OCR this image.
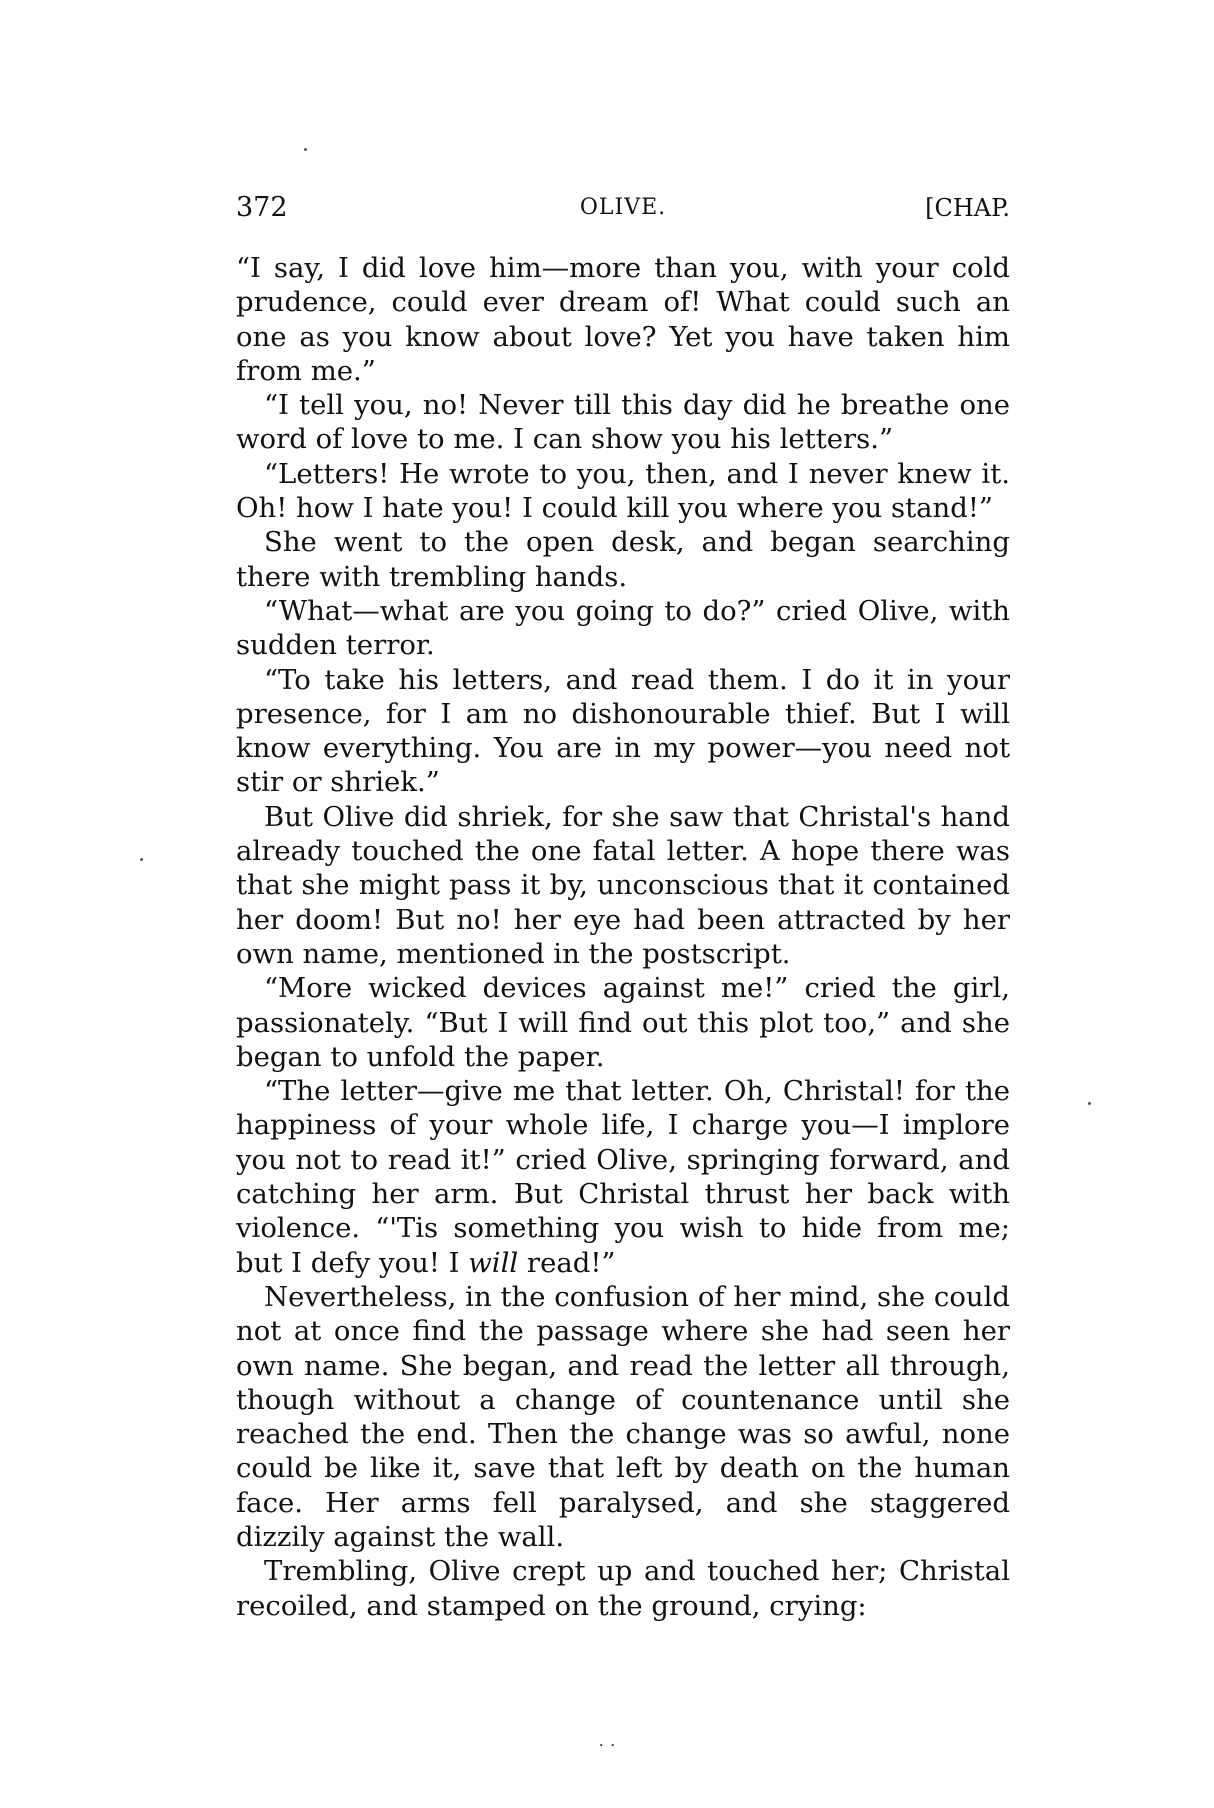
372	OLIVE.	[CHAP.

“I say, I did love him—more than you, with your cold prudence, could ever dream of! What could such an one as you know about love? Yet you have taken him from me.”

“I tell you, no! Never till this day did he breathe one word of love to me. I can show you his letters.”

“Letters! He wrote to you, then, and I never knew it. Oh! how I hate you! I could kill you where you stand!”

She went to the open desk, and began searching there with trembling hands.

“What—what are you going to do?” cried Olive, with sudden terror.

“To take his letters, and read them. I do it in your presence, for I am no dishonourable thief. But I will know everything. You are in my power—you need not stir or shriek.”

But Olive did shriek, for she saw that Christal's hand already touched the one fatal letter. A hope there was that she might pass it by, unconscious that it contained her doom! But no! her eye had been attracted by her own name, mentioned in the postscript.

“More wicked devices against me!” cried the girl, passionately. “But I will find out this plot too,” and she began to unfold the paper.

“The letter—give me that letter. Oh, Christal! for the happiness of your whole life, I charge you—I implore you not to read it!” cried Olive, springing forward, and catching her arm. But Christal thrust her back with violence. “'Tis something you wish to hide from me; but I defy you! I will read!”

Nevertheless, in the confusion of her mind, she could not at once find the passage where she had seen her own name. She began, and read the letter all through, though without a change of countenance until she reached the end. Then the change was so awful, none could be like it, save that left by death on the human face. Her arms fell paralysed, and she staggered dizzily against the wall.

Trembling, Olive crept up and touched her; Christal recoiled, and stamped on the ground, crying:

. .
